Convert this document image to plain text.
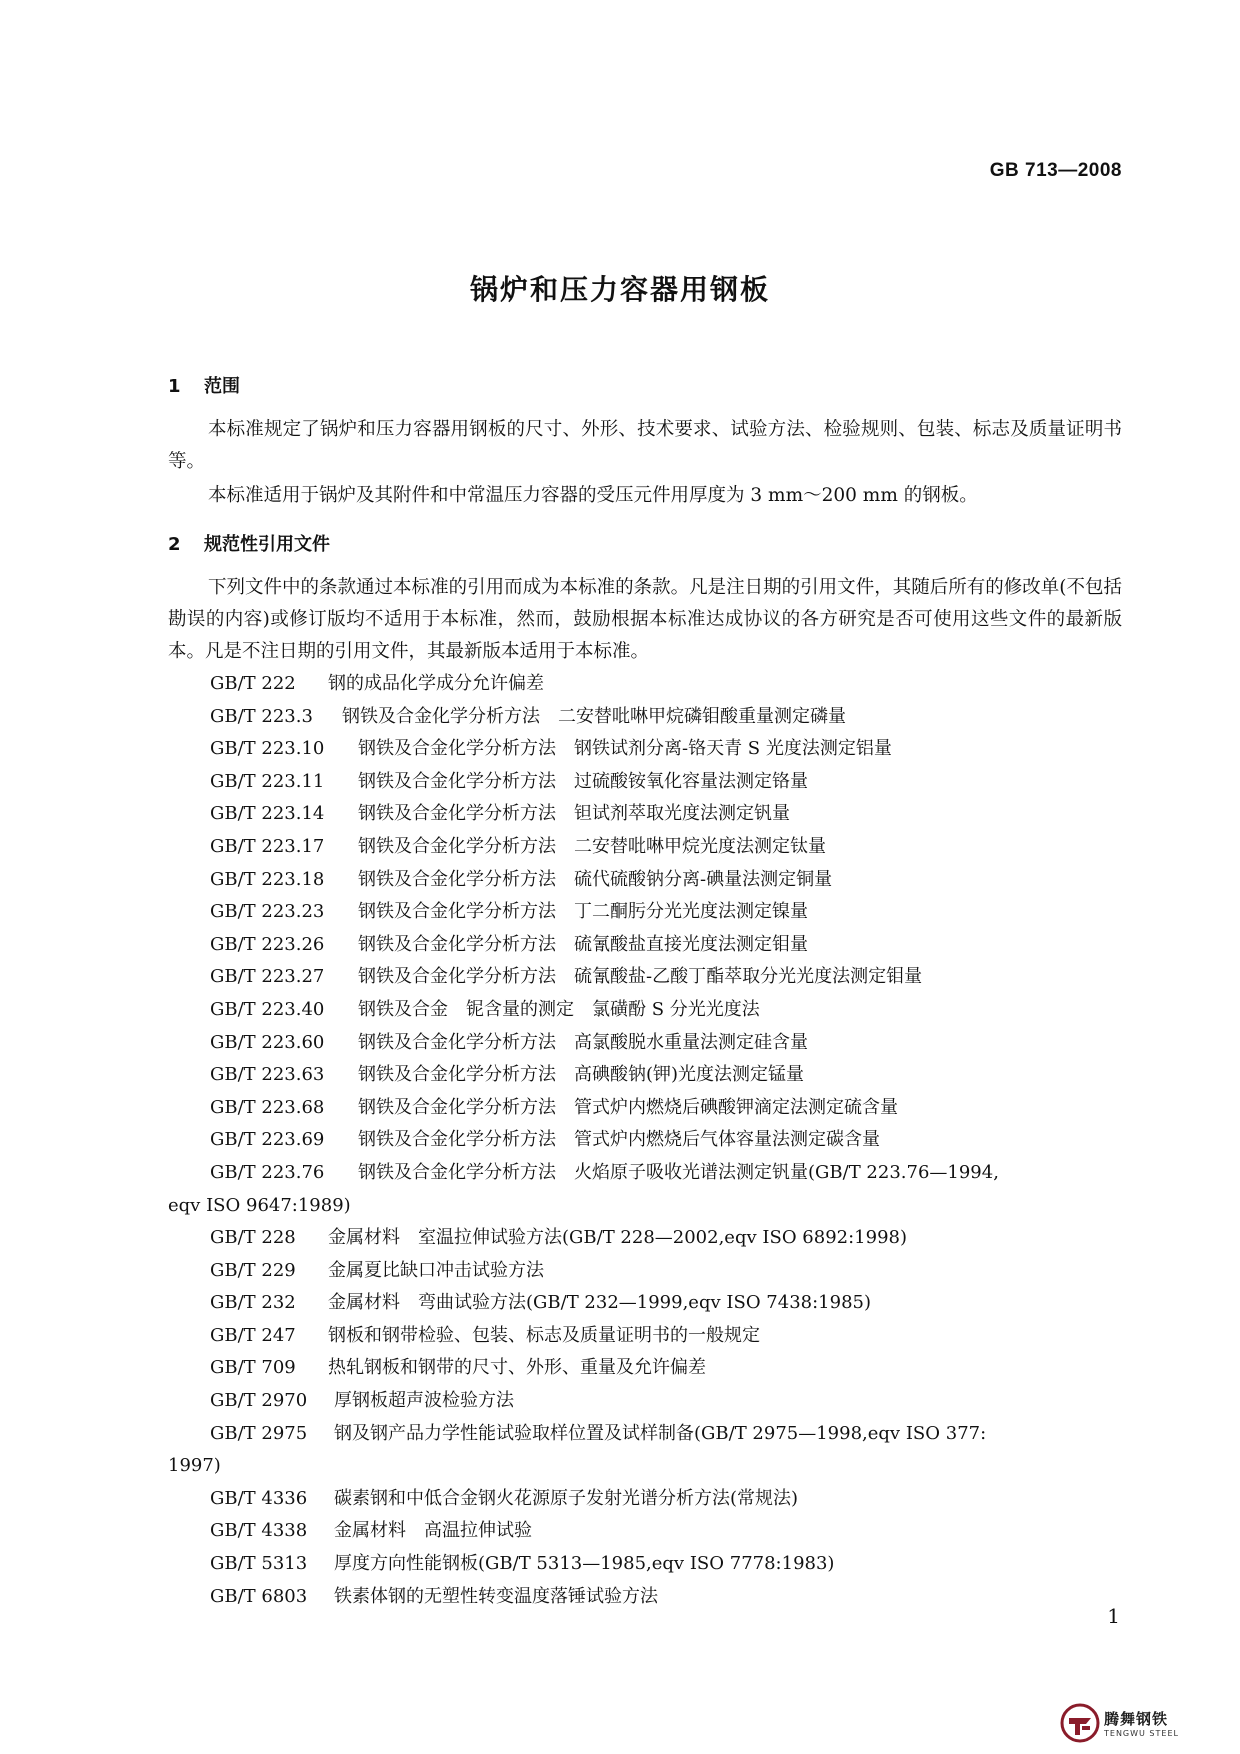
GB 713—2008
锅炉和压力容器用钢板
1 范围
本标准规定了锅炉和压力容器用钢板的尺寸、外形、技术要求、试验方法、检验规则、包装、标志及质量证明书等。
本标准适用于锅炉及其附件和中常温压力容器的受压元件用厚度为 3 mm～200 mm 的钢板。
2 规范性引用文件
下列文件中的条款通过本标准的引用而成为本标准的条款。凡是注日期的引用文件，其随后所有的修改单(不包括勘误的内容)或修订版均不适用于本标准，然而，鼓励根据本标准达成协议的各方研究是否可使用这些文件的最新版本。凡是不注日期的引用文件，其最新版本适用于本标准。
GB/T 222 钢的成品化学成分允许偏差
GB/T 223.3 钢铁及合金化学分析方法　二安替吡啉甲烷磷钼酸重量测定磷量
GB/T 223.10 钢铁及合金化学分析方法　钢铁试剂分离-铬天青 S 光度法测定铝量
GB/T 223.11 钢铁及合金化学分析方法　过硫酸铵氧化容量法测定铬量
GB/T 223.14 钢铁及合金化学分析方法　钽试剂萃取光度法测定钒量
GB/T 223.17 钢铁及合金化学分析方法　二安替吡啉甲烷光度法测定钛量
GB/T 223.18 钢铁及合金化学分析方法　硫代硫酸钠分离-碘量法测定铜量
GB/T 223.23 钢铁及合金化学分析方法　丁二酮肟分光光度法测定镍量
GB/T 223.26 钢铁及合金化学分析方法　硫氰酸盐直接光度法测定钼量
GB/T 223.27 钢铁及合金化学分析方法　硫氰酸盐-乙酸丁酯萃取分光光度法测定钼量
GB/T 223.40 钢铁及合金　铌含量的测定　氯磺酚 S 分光光度法
GB/T 223.60 钢铁及合金化学分析方法　高氯酸脱水重量法测定硅含量
GB/T 223.63 钢铁及合金化学分析方法　高碘酸钠(钾)光度法测定锰量
GB/T 223.68 钢铁及合金化学分析方法　管式炉内燃烧后碘酸钾滴定法测定硫含量
GB/T 223.69 钢铁及合金化学分析方法　管式炉内燃烧后气体容量法测定碳含量
GB/T 223.76 钢铁及合金化学分析方法　火焰原子吸收光谱法测定钒量(GB/T 223.76—1994,
eqv ISO 9647:1989)
GB/T 228 金属材料　室温拉伸试验方法(GB/T 228—2002,eqv ISO 6892:1998)
GB/T 229 金属夏比缺口冲击试验方法
GB/T 232 金属材料　弯曲试验方法(GB/T 232—1999,eqv ISO 7438:1985)
GB/T 247 钢板和钢带检验、包装、标志及质量证明书的一般规定
GB/T 709 热轧钢板和钢带的尺寸、外形、重量及允许偏差
GB/T 2970 厚钢板超声波检验方法
GB/T 2975 钢及钢产品力学性能试验取样位置及试样制备(GB/T 2975—1998,eqv ISO 377:
1997)
GB/T 4336 碳素钢和中低合金钢火花源原子发射光谱分析方法(常规法)
GB/T 4338 金属材料　高温拉伸试验
GB/T 5313 厚度方向性能钢板(GB/T 5313—1985,eqv ISO 7778:1983)
GB/T 6803 铁素体钢的无塑性转变温度落锤试验方法
1
腾舞钢铁
TENGWU STEEL
